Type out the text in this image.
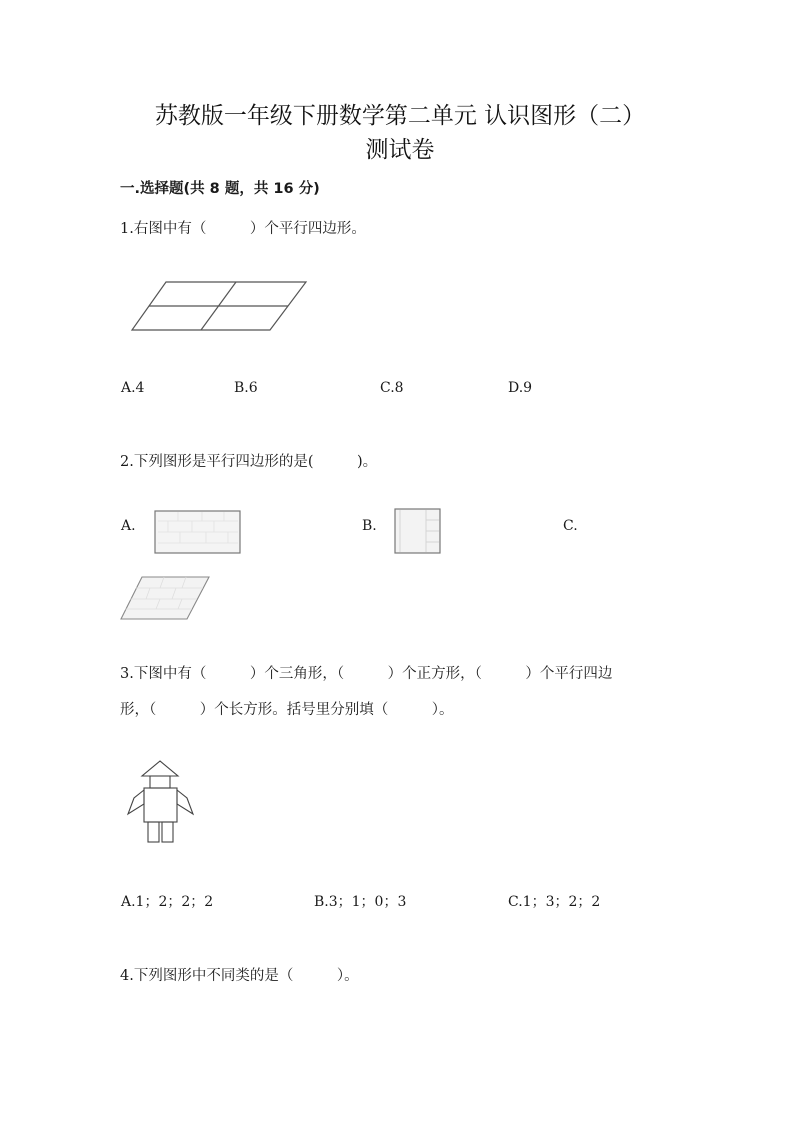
苏教版一年级下册数学第二单元 认识图形（二）
测试卷
一.选择题(共 8 题，共 16 分)
1.右图中有（　　　）个平行四边形。
A.4	B.6	C.8	D.9
2.下列图形是平行四边形的是(　　　)。
A.	B.	C.
3.下图中有（　　　）个三角形，（　　　）个正方形，（　　　）个平行四边
形，（　　　）个长方形。括号里分别填（　　　）。
A.1；2；2；2	B.3；1；0；3	C.1；3；2；2
4.下列图形中不同类的是（　　　）。
